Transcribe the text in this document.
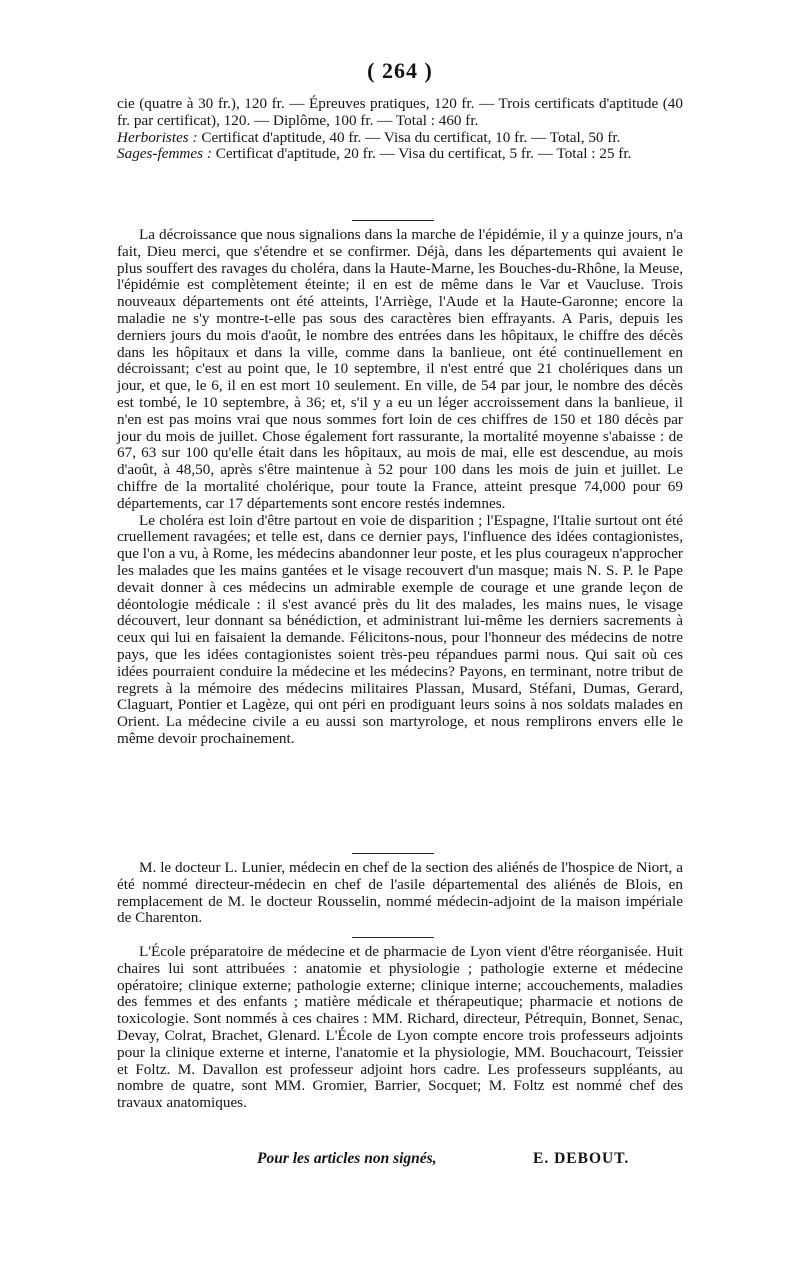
( 264 )

cie (quatre à 30 fr.), 120 fr. — Épreuves pratiques, 120 fr. — Trois certificats d'aptitude (40 fr. par certificat), 120. — Diplôme, 100 fr. — Total : 460 fr.

Herboristes : Certificat d'aptitude, 40 fr. — Visa du certificat, 10 fr. — Total, 50 fr.

Sages-femmes : Certificat d'aptitude, 20 fr. — Visa du certificat, 5 fr. — Total : 25 fr.

La décroissance que nous signalions dans la marche de l'épidémie, il y a quinze jours, n'a fait, Dieu merci, que s'étendre et se confirmer. Déjà, dans les départements qui avaient le plus souffert des ravages du choléra, dans la Haute-Marne, les Bouches-du-Rhône, la Meuse, l'épidémie est complètement éteinte; il en est de même dans le Var et Vaucluse. Trois nouveaux départements ont été atteints, l'Arriège, l'Aude et la Haute-Garonne; encore la maladie ne s'y montre-t-elle pas sous des caractères bien effrayants. A Paris, depuis les derniers jours du mois d'août, le nombre des entrées dans les hôpitaux, le chiffre des décès dans les hôpitaux et dans la ville, comme dans la banlieue, ont été continuellement en décroissant; c'est au point que, le 10 septembre, il n'est entré que 21 cholériques dans un jour, et que, le 6, il en est mort 10 seulement. En ville, de 54 par jour, le nombre des décès est tombé, le 10 septembre, à 36; et, s'il y a eu un léger accroissement dans la banlieue, il n'en est pas moins vrai que nous sommes fort loin de ces chiffres de 150 et 180 décès par jour du mois de juillet. Chose également fort rassurante, la mortalité moyenne s'abaisse : de 67, 63 sur 100 qu'elle était dans les hôpitaux, au mois de mai, elle est descendue, au mois d'août, à 48,50, après s'être maintenue à 52 pour 100 dans les mois de juin et juillet. Le chiffre de la mortalité cholérique, pour toute la France, atteint presque 74,000 pour 69 départements, car 17 départements sont encore restés indemnes.

Le choléra est loin d'être partout en voie de disparition ; l'Espagne, l'Italie surtout ont été cruellement ravagées; et telle est, dans ce dernier pays, l'influence des idées contagionistes, que l'on a vu, à Rome, les médecins abandonner leur poste, et les plus courageux n'approcher les malades que les mains gantées et le visage recouvert d'un masque; mais N. S. P. le Pape devait donner à ces médecins un admirable exemple de courage et une grande leçon de déontologie médicale : il s'est avancé près du lit des malades, les mains nues, le visage découvert, leur donnant sa bénédiction, et administrant lui-même les derniers sacrements à ceux qui lui en faisaient la demande. Félicitons-nous, pour l'honneur des médecins de notre pays, que les idées contagionistes soient très-peu répandues parmi nous. Qui sait où ces idées pourraient conduire la médecine et les médecins? Payons, en terminant, notre tribut de regrets à la mémoire des médecins militaires Plassan, Musard, Stéfani, Dumas, Gerard, Claguart, Pontier et Lagèze, qui ont péri en prodiguant leurs soins à nos soldats malades en Orient. La médecine civile a eu aussi son martyrologe, et nous remplirons envers elle le même devoir prochainement.

M. le docteur L. Lunier, médecin en chef de la section des aliénés de l'hospice de Niort, a été nommé directeur-médecin en chef de l'asile départemental des aliénés de Blois, en remplacement de M. le docteur Rousselin, nommé médecin-adjoint de la maison impériale de Charenton.

L'École préparatoire de médecine et de pharmacie de Lyon vient d'être réorganisée. Huit chaires lui sont attribuées : anatomie et physiologie ; pathologie externe et médecine opératoire; clinique externe; pathologie externe; clinique interne; accouchements, maladies des femmes et des enfants ; matière médicale et thérapeutique; pharmacie et notions de toxicologie. Sont nommés à ces chaires : MM. Richard, directeur, Pétrequin, Bonnet, Senac, Devay, Colrat, Brachet, Glenard. L'École de Lyon compte encore trois professeurs adjoints pour la clinique externe et interne, l'anatomie et la physiologie, MM. Bouchacourt, Teissier et Foltz. M. Davallon est professeur adjoint hors cadre. Les professeurs suppléants, au nombre de quatre, sont MM. Gromier, Barrier, Socquet; M. Foltz est nommé chef des travaux anatomiques.

Pour les articles non signés,	E. DEBOUT.
